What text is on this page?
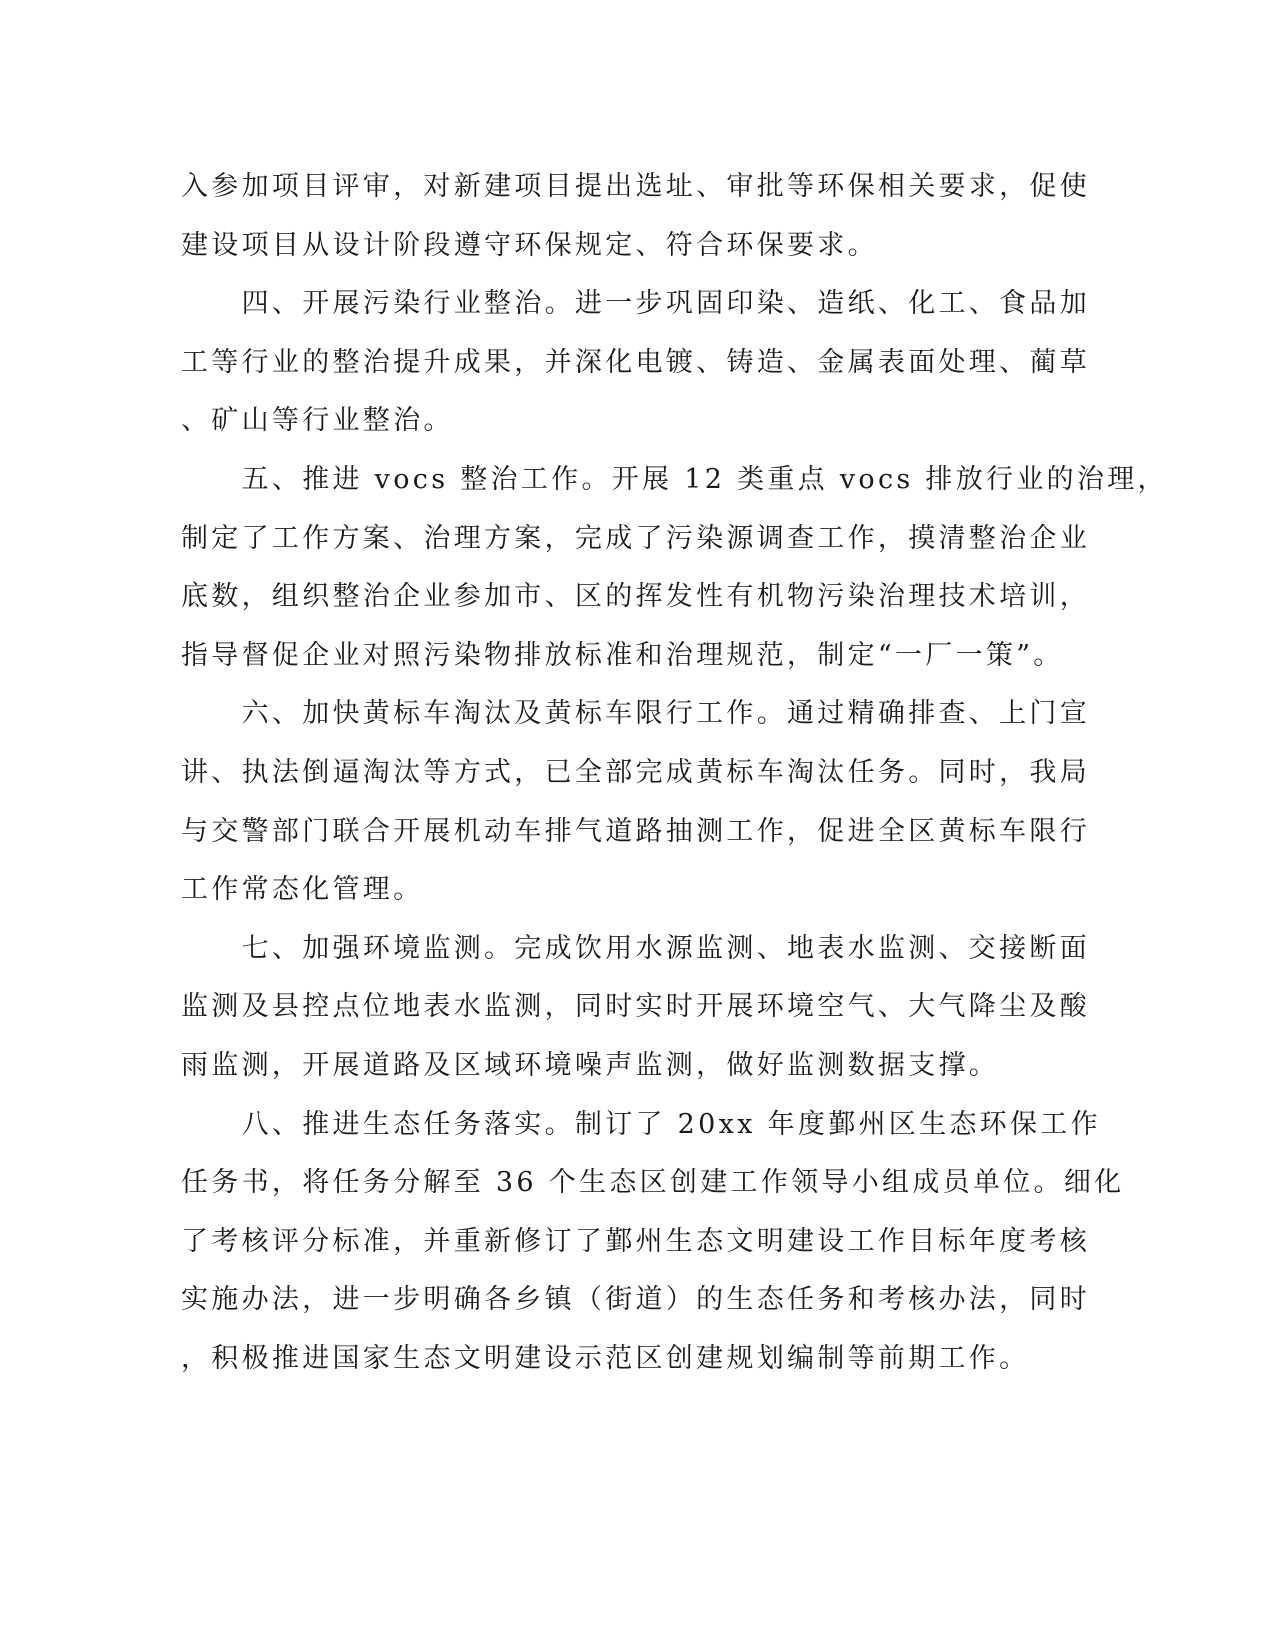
入参加项目评审，对新建项目提出选址、审批等环保相关要求，促使
建设项目从设计阶段遵守环保规定、符合环保要求。
　　四、开展污染行业整治。进一步巩固印染、造纸、化工、食品加
工等行业的整治提升成果，并深化电镀、铸造、金属表面处理、蔺草
、矿山等行业整治。
　　五、推进 vocs 整治工作。开展 12 类重点 vocs 排放行业的治理，
制定了工作方案、治理方案，完成了污染源调查工作，摸清整治企业
底数，组织整治企业参加市、区的挥发性有机物污染治理技术培训，
指导督促企业对照污染物排放标准和治理规范，制定“一厂一策”。
　　六、加快黄标车淘汰及黄标车限行工作。通过精确排查、上门宣
讲、执法倒逼淘汰等方式，已全部完成黄标车淘汰任务。同时，我局
与交警部门联合开展机动车排气道路抽测工作，促进全区黄标车限行
工作常态化管理。
　　七、加强环境监测。完成饮用水源监测、地表水监测、交接断面
监测及县控点位地表水监测，同时实时开展环境空气、大气降尘及酸
雨监测，开展道路及区域环境噪声监测，做好监测数据支撑。
　　八、推进生态任务落实。制订了 20xx 年度鄞州区生态环保工作
任务书，将任务分解至 36 个生态区创建工作领导小组成员单位。细化
了考核评分标准，并重新修订了鄞州生态文明建设工作目标年度考核
实施办法，进一步明确各乡镇（街道）的生态任务和考核办法，同时
，积极推进国家生态文明建设示范区创建规划编制等前期工作。
